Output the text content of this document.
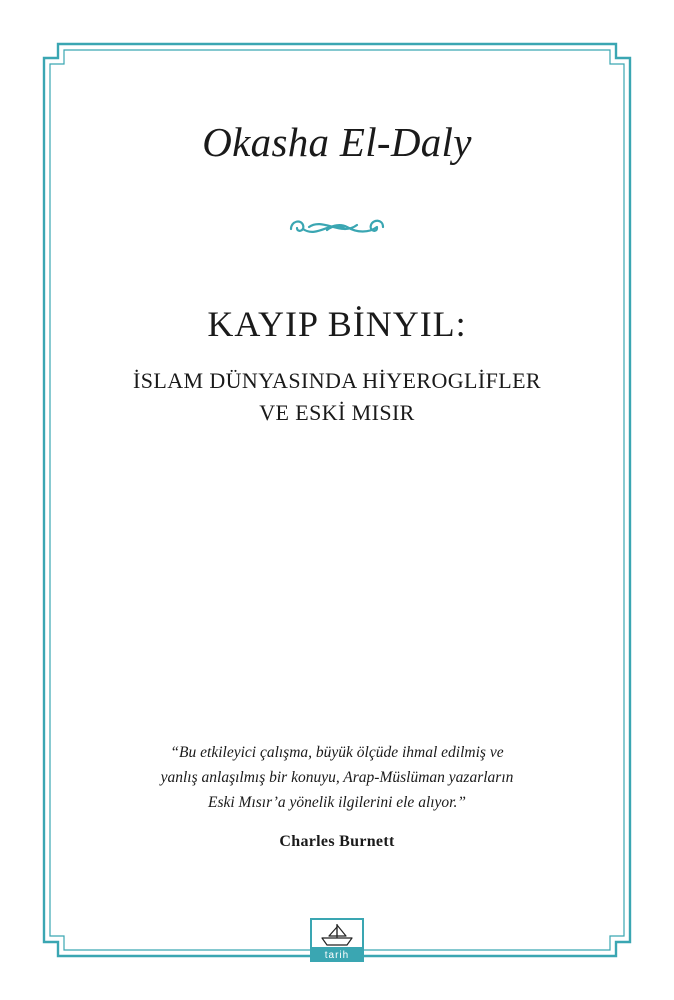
Okasha El-Daly
KAYIP BİNYIL:
İSLAM DÜNYASINDA HİYEROGLİFLER
VE ESKİ MISIR
“Bu etkileyici çalışma, büyük ölçüde ihmal edilmiş ve
yanlış anlaşılmış bir konuyu, Arap-Müslüman yazarların
Eski Mısır’a yönelik ilgilerini ele alıyor.”
Charles Burnett
tarih
